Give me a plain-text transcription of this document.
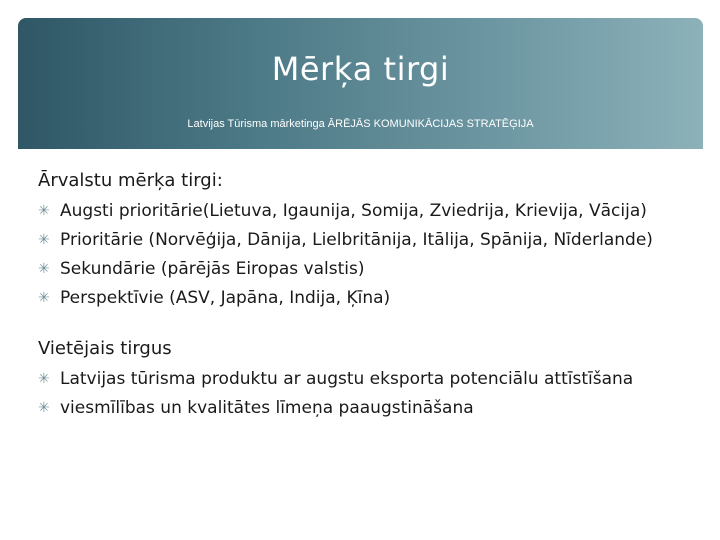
Mērķa tirgi
Latvijas Tūrisma mārketinga ĀRĒJĀS KOMUNIKĀCIJAS STRATĒĢIJA
Ārvalstu mērķa tirgi:
✳ Augsti prioritārie(Lietuva, Igaunija, Somija, Zviedrija, Krievija, Vācija)
✳ Prioritārie (Norvēģija, Dānija, Lielbritānija, Itālija, Spānija, Nīderlande)
✳ Sekundārie (pārējās Eiropas valstis)
✳ Perspektīvie (ASV, Japāna, Indija, Ķīna)
Vietējais tirgus
✳ Latvijas tūrisma produktu ar augstu eksporta potenciālu attīstīšana
✳ viesmīlības un kvalitātes līmeņa paaugstināšana
